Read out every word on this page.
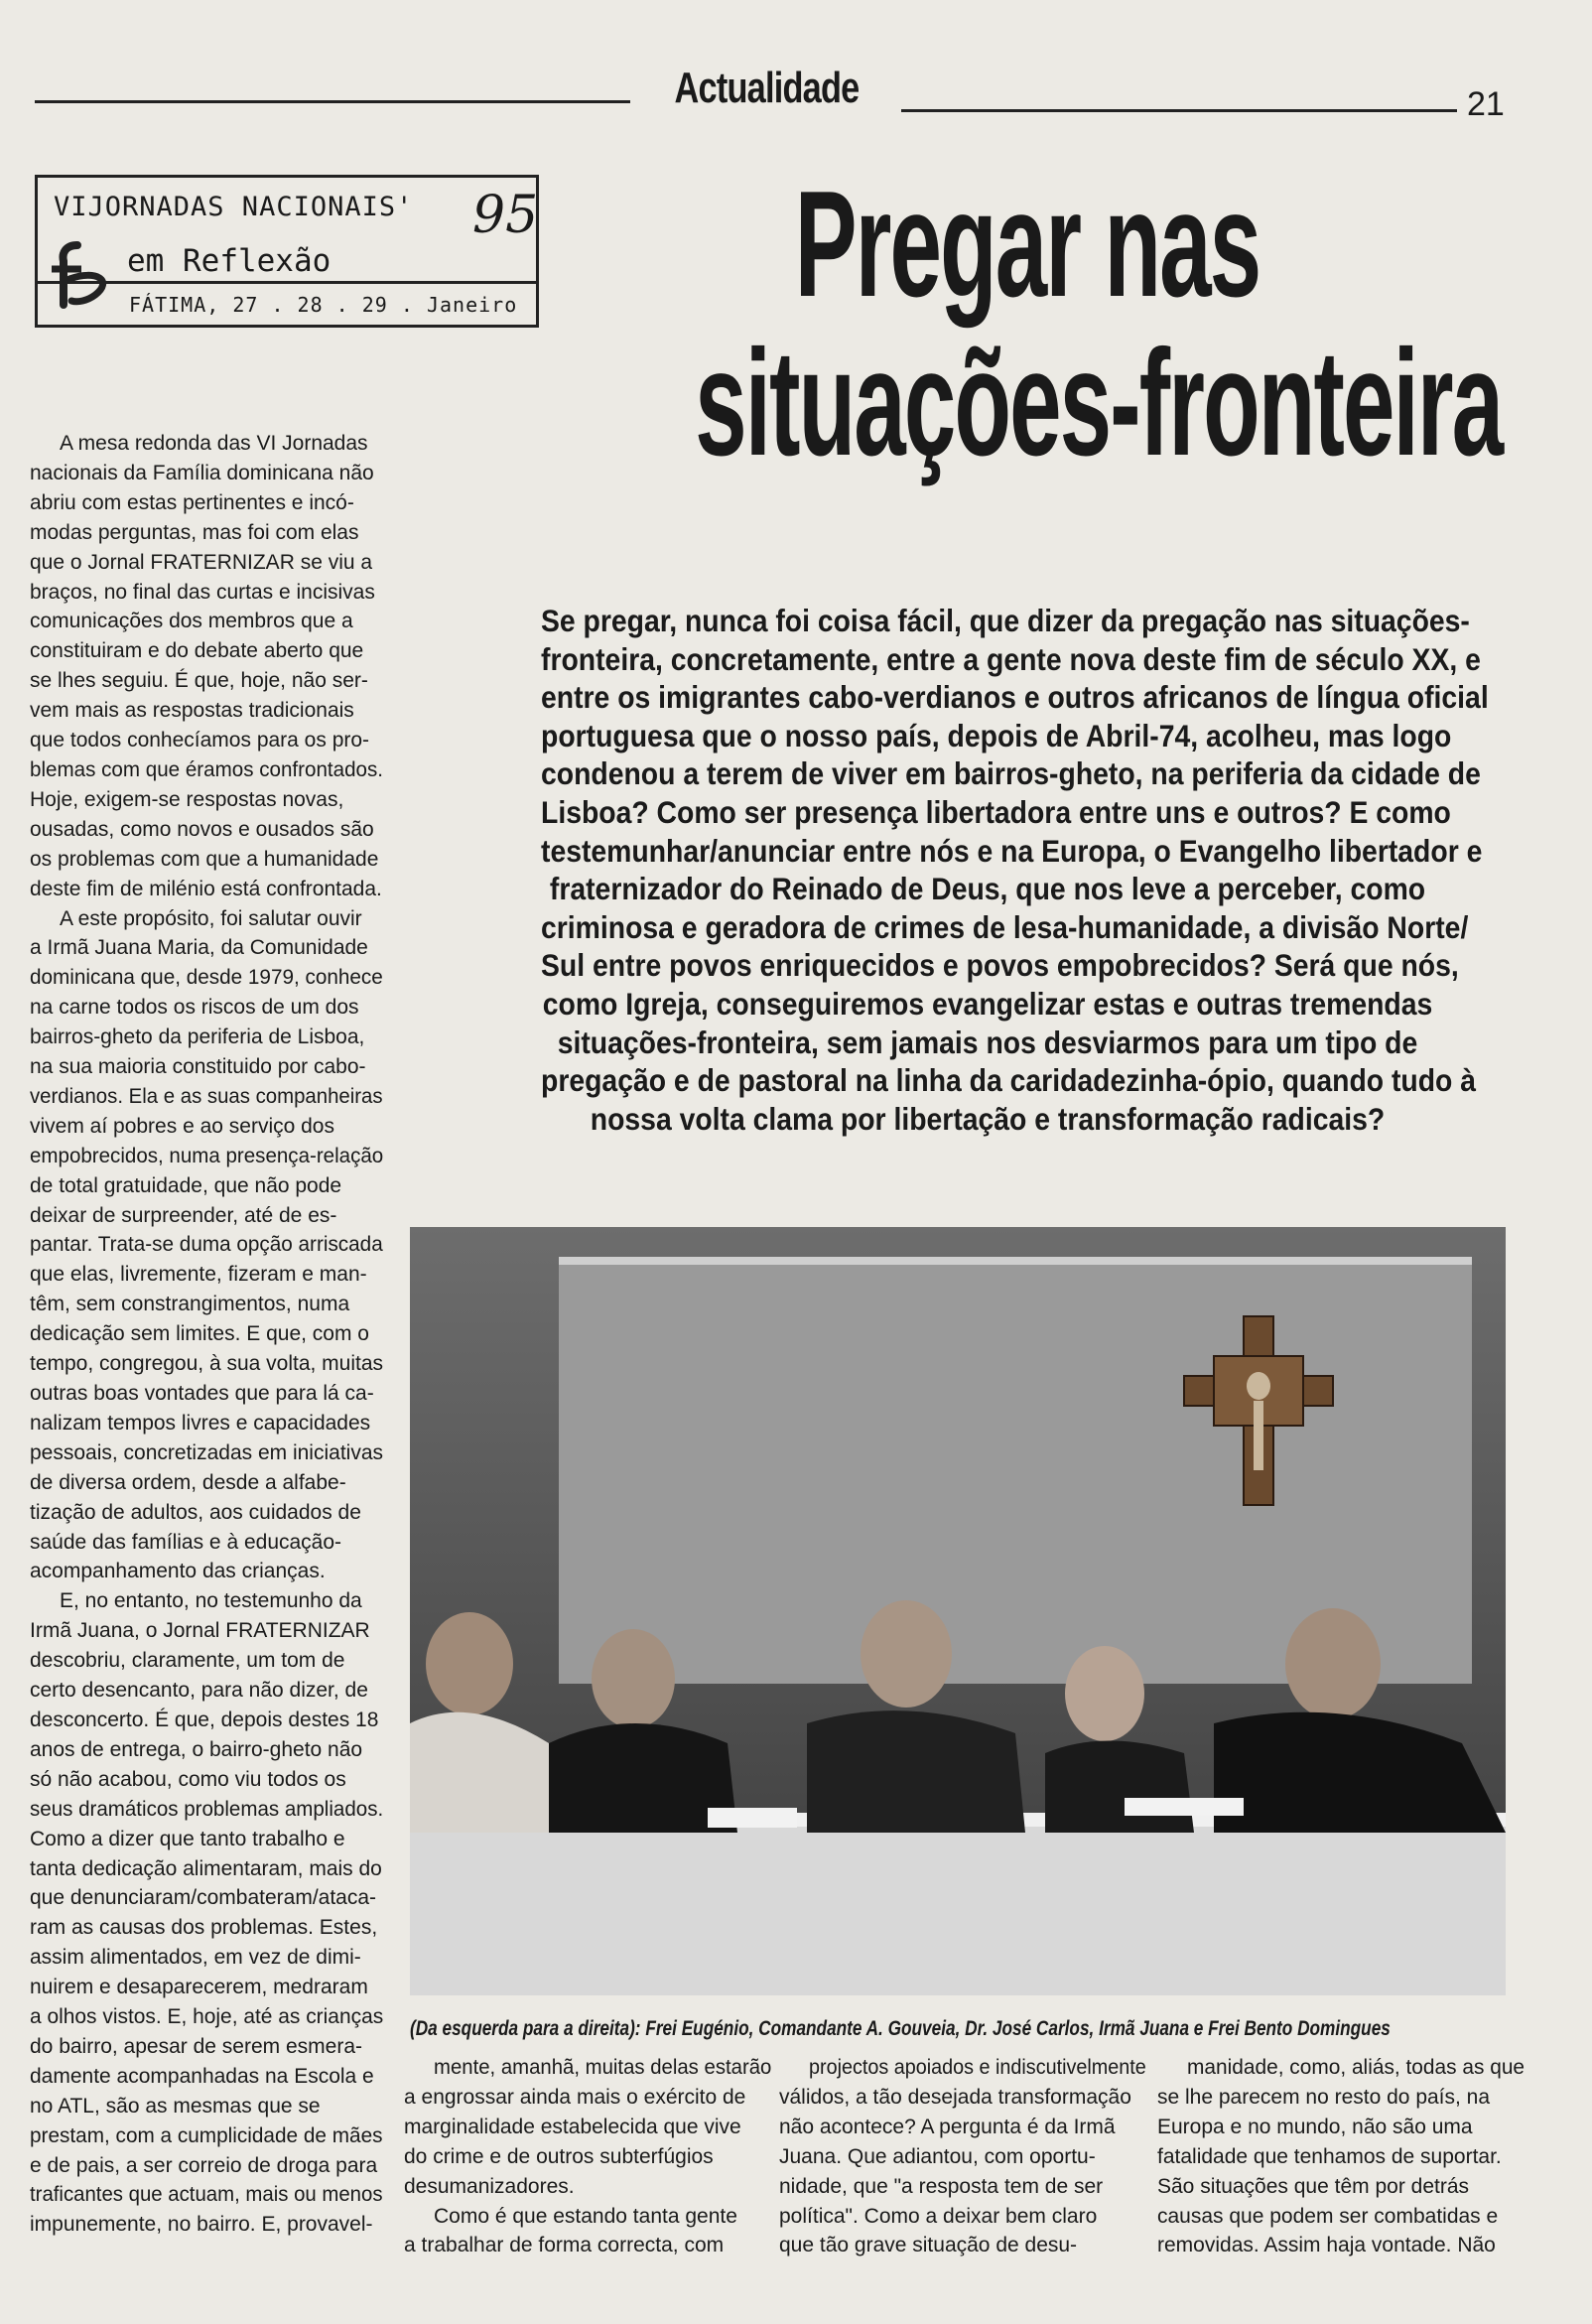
Actualidade	21
VIJORNADAS NACIONAIS' 95
em Reflexão
FÁTIMA, 27 . 28 . 29 . Janeiro	Pregar nas
situações-fronteira
Se pregar, nunca foi coisa fácil, que dizer da pregação nas situações-
fronteira, concretamente, entre a gente nova deste fim de século XX, e
entre os imigrantes cabo-verdianos e outros africanos de língua oficial
portuguesa que o nosso país, depois de Abril-74, acolheu, mas logo
condenou a terem de viver em bairros-gheto, na periferia da cidade de
Lisboa? Como ser presença libertadora entre uns e outros? E como
testemunhar/anunciar entre nós e na Europa, o Evangelho libertador e
fraternizador do Reinado de Deus, que nos leve a perceber, como
criminosa e geradora de crimes de lesa-humanidade, a divisão Norte/
Sul entre povos enriquecidos e povos empobrecidos? Será que nós,
como Igreja, conseguiremos evangelizar estas e outras tremendas
situações-fronteira, sem jamais nos desviarmos para um tipo de
pregação e de pastoral na linha da caridadezinha-ópio, quando tudo à
nossa volta clama por libertação e transformação radicais?

A mesa redonda das VI Jornadas
nacionais da Família dominicana não
abriu com estas pertinentes e incó-
modas perguntas, mas foi com elas
que o Jornal FRATERNIZAR se viu a
braços, no final das curtas e incisivas
comunicações dos membros que a
constituiram e do debate aberto que
se lhes seguiu. É que, hoje, não ser-
vem mais as respostas tradicionais
que todos conhecíamos para os pro-
blemas com que éramos confrontados.
Hoje, exigem-se respostas novas,
ousadas, como novos e ousados são
os problemas com que a humanidade
deste fim de milénio está confrontada.

A este propósito, foi salutar ouvir
a Irmã Juana Maria, da Comunidade
dominicana que, desde 1979, conhece
na carne todos os riscos de um dos
bairros-gheto da periferia de Lisboa,
na sua maioria constituido por cabo-
verdianos. Ela e as suas companheiras
vivem aí pobres e ao serviço dos
empobrecidos, numa presença-relação
de total gratuidade, que não pode
deixar de surpreender, até de es-
pantar. Trata-se duma opção arriscada
que elas, livremente, fizeram e man-
têm, sem constrangimentos, numa
dedicação sem limites. E que, com o
tempo, congregou, à sua volta, muitas
outras boas vontades que para lá ca-
nalizam tempos livres e capacidades
pessoais, concretizadas em iniciativas
de diversa ordem, desde a alfabe-
tização de adultos, aos cuidados de
saúde das famílias e à educação-
acompanhamento das crianças.

E, no entanto, no testemunho da
Irmã Juana, o Jornal FRATERNIZAR
descobriu, claramente, um tom de
certo desencanto, para não dizer, de
desconcerto. É que, depois destes 18
anos de entrega, o bairro-gheto não
só não acabou, como viu todos os
seus dramáticos problemas ampliados.
Como a dizer que tanto trabalho e
tanta dedicação alimentaram, mais do
que denunciaram/combateram/ataca-
ram as causas dos problemas. Estes,
assim alimentados, em vez de dimi-
nuirem e desaparecerem, medraram
a olhos vistos. E, hoje, até as crianças
do bairro, apesar de serem esmera-
damente acompanhadas na Escola e
no ATL, são as mesmas que se
prestam, com a cumplicidade de mães
e de pais, a ser correio de droga para
traficantes que actuam, mais ou menos
impunemente, no bairro. E, provavel-

(Da esquerda para a direita): Frei Eugénio, Comandante A. Gouveia, Dr. José Carlos, Irmã Juana e Frei Bento Domingues

mente, amanhã, muitas delas estarão
a engrossar ainda mais o exército de
marginalidade estabelecida que vive
do crime e de outros subterfúgios
desumanizadores.

Como é que estando tanta gente
a trabalhar de forma correcta, com

projectos apoiados e indiscutivelmente
válidos, a tão desejada transformação
não acontece? A pergunta é da Irmã
Juana. Que adiantou, com oportu-
nidade, que "a resposta tem de ser
política". Como a deixar bem claro
que tão grave situação de desu-

manidade, como, aliás, todas as que
se lhe parecem no resto do país, na
Europa e no mundo, não são uma
fatalidade que tenhamos de suportar.
São situações que têm por detrás
causas que podem ser combatidas e
removidas. Assim haja vontade. Não
